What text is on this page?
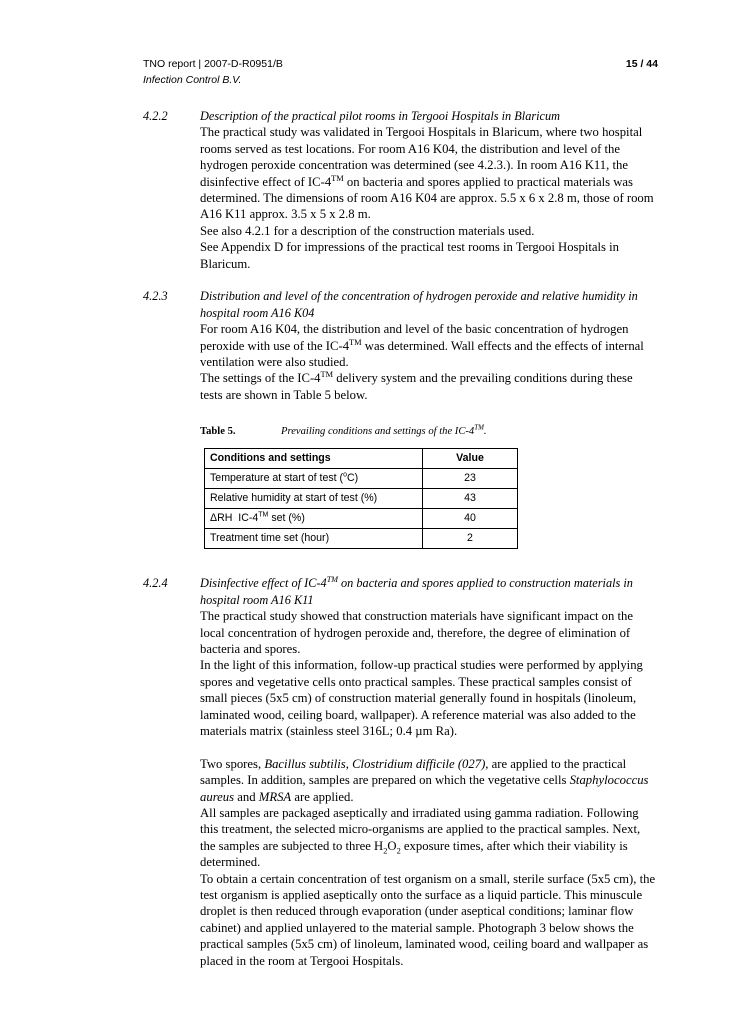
TNO report | 2007-D-R0951/B	15 / 44
Infection Control B.V.
4.2.2	Description of the practical pilot rooms in Tergooi Hospitals in Blaricum

The practical study was validated in Tergooi Hospitals in Blaricum, where two hospital rooms served as test locations. For room A16 K04, the distribution and level of the hydrogen peroxide concentration was determined (see 4.2.3.). In room A16 K11, the disinfective effect of IC-4™ on bacteria and spores applied to practical materials was determined. The dimensions of room A16 K04 are approx. 5.5 x 6 x 2.8 m, those of room A16 K11 approx. 3.5 x 5 x 2.8 m.

See also 4.2.1 for a description of the construction materials used.

See Appendix D for impressions of the practical test rooms in Tergooi Hospitals in Blaricum.

4.2.3	Distribution and level of the concentration of hydrogen peroxide and relative humidity in hospital room A16 K04

For room A16 K04, the distribution and level of the basic concentration of hydrogen peroxide with use of the IC-4™ was determined. Wall effects and the effects of internal ventilation were also studied.

The settings of the IC-4™ delivery system and the prevailing conditions during these tests are shown in Table 5 below.

Table 5.	Prevailing conditions and settings of the IC-4™.
Conditions and settings	Value
Temperature at start of test ($^o$C)	23
Relative humidity at start of test (%)	43
ΔRH  IC-4™ set (%)	40
Treatment time set (hour)	2
4.2.4	Disinfective effect of IC-4™ on bacteria and spores applied to construction materials in hospital room A16 K11

The practical study showed that construction materials have significant impact on the local concentration of hydrogen peroxide and, therefore, the degree of elimination of bacteria and spores.

In the light of this information, follow-up practical studies were performed by applying spores and vegetative cells onto practical samples. These practical samples consist of small pieces (5x5 cm) of construction material generally found in hospitals (linoleum, laminated wood, ceiling board, wallpaper). A reference material was also added to the materials matrix (stainless steel 316L; 0.4 µm Ra).

Two spores, Bacillus subtilis, Clostridium difficile (027), are applied to the practical samples. In addition, samples are prepared on which the vegetative cells Staphylococcus aureus and MRSA are applied.

All samples are packaged aseptically and irradiated using gamma radiation. Following this treatment, the selected micro-organisms are applied to the practical samples. Next, the samples are subjected to three $H_2O_2$ exposure times, after which their viability is determined.

To obtain a certain concentration of test organism on a small, sterile surface (5x5 cm), the test organism is applied aseptically onto the surface as a liquid particle. This minuscule droplet is then reduced through evaporation (under aseptical conditions; laminar flow cabinet) and applied unlayered to the material sample. Photograph 3 below shows the practical samples (5x5 cm) of linoleum, laminated wood, ceiling board and wallpaper as placed in the room at Tergooi Hospitals.
